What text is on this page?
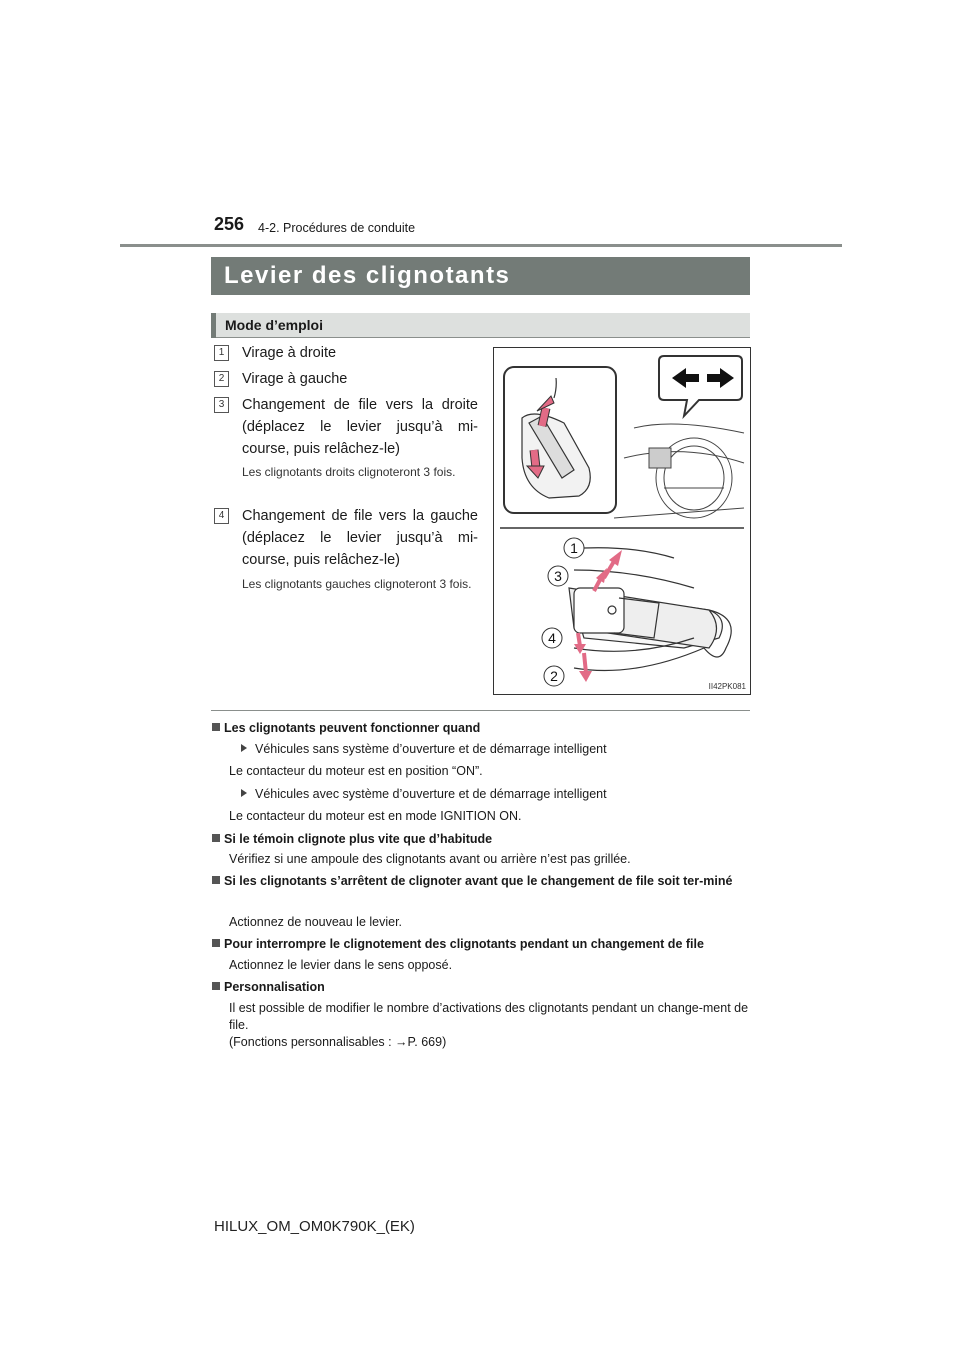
256 4-2. Procédures de conduite
Levier des clignotants
Mode d’emploi
1	Virage à droite
2	Virage à gauche
3	Changement de file vers la droite (déplacez le levier jusqu’à mi-course, puis relâchez-le)
Les clignotants droits clignoteront 3 fois.
4	Changement de file vers la gauche (déplacez le levier jusqu’à mi-course, puis relâchez-le)
Les clignotants gauches clignoteront 3 fois.
1
3
4
2
II42PK081
Les clignotants peuvent fonctionner quand
Véhicules sans système d’ouverture et de démarrage intelligent
Le contacteur du moteur est en position “ON”.
Véhicules avec système d’ouverture et de démarrage intelligent
Le contacteur du moteur est en mode IGNITION ON.
Si le témoin clignote plus vite que d’habitude
Vérifiez si une ampoule des clignotants avant ou arrière n’est pas grillée.
Si les clignotants s’arrêtent de clignoter avant que le changement de file soit ter-miné
Actionnez de nouveau le levier.
Pour interrompre le clignotement des clignotants pendant un changement de file
Actionnez le levier dans le sens opposé.
Personnalisation
Il est possible de modifier le nombre d’activations des clignotants pendant un change-ment de file.
(Fonctions personnalisables : →P. 669)
HILUX_OM_OM0K790K_(EK)
